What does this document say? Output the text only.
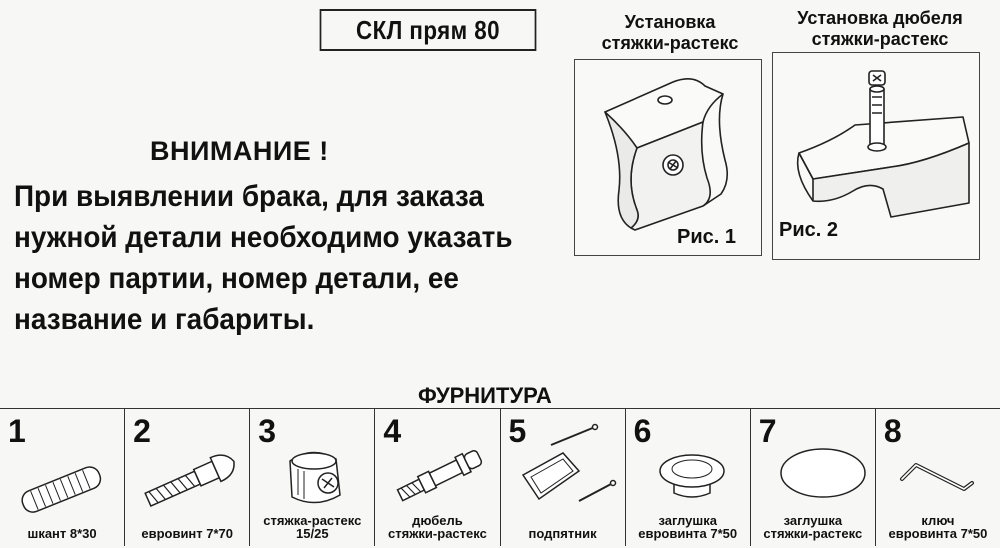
СКЛ прям 80	Установка
стяжки-растекс
Рис. 1
Установка дюбеля
стяжки-растекс
Рис. 2
ВНИМАНИЕ !
При выявлении брака, для заказа
нужной детали необходимо указать
номер партии, номер детали, ее
название и габариты.
ФУРНИТУРА
1
шкант 8*30
2
евровинт 7*70
3
стяжка-растекс
15/25
4
дюбель
стяжки-растекс
5
подпятник
6
заглушка
евровинта 7*50
7
заглушка
стяжки-растекс
8
ключ
евровинта 7*50
